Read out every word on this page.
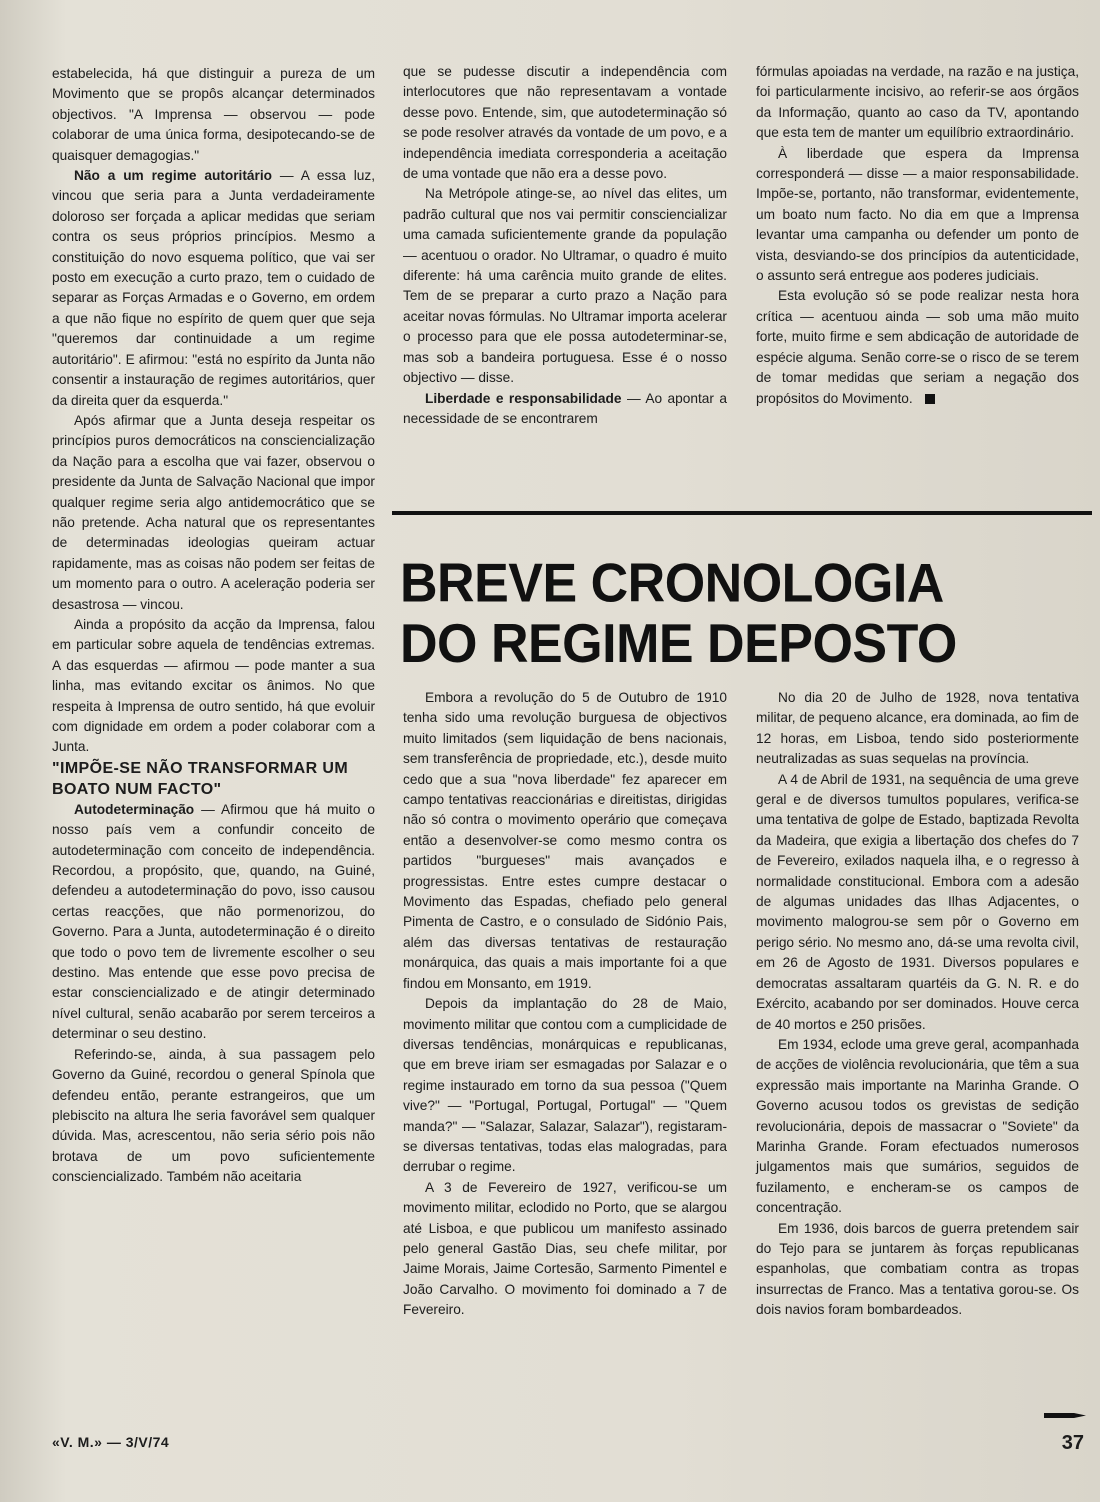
estabelecida, há que distinguir a pureza de um Movimento que se propôs alcançar determinados objectivos. "A Imprensa — observou — pode colaborar de uma única forma, desipotecando-se de quaisquer demagogias."

Não a um regime autoritário — A essa luz, vincou que seria para a Junta verdadeiramente doloroso ser forçada a aplicar medidas que seriam contra os seus próprios princípios. Mesmo a constituição do novo esquema político, que vai ser posto em execução a curto prazo, tem o cuidado de separar as Forças Armadas e o Governo, em ordem a que não fique no espírito de quem quer que seja "queremos dar continuidade a um regime autoritário". E afirmou: "está no espírito da Junta não consentir a instauração de regimes autoritários, quer da direita quer da esquerda."

Após afirmar que a Junta deseja respeitar os princípios puros democráticos na consciencialização da Nação para a escolha que vai fazer, observou o presidente da Junta de Salvação Nacional que impor qualquer regime seria algo antidemocrático que se não pretende. Acha natural que os representantes de determinadas ideologias queiram actuar rapidamente, mas as coisas não podem ser feitas de um momento para o outro. A aceleração poderia ser desastrosa — vincou.

Ainda a propósito da acção da Imprensa, falou em particular sobre aquela de tendências extremas. A das esquerdas — afirmou — pode manter a sua linha, mas evitando excitar os ânimos. No que respeita à Imprensa de outro sentido, há que evoluir com dignidade em ordem a poder colaborar com a Junta.

"IMPÕE-SE NÃO TRANSFORMAR UM BOATO NUM FACTO"

Autodeterminação — Afirmou que há muito o nosso país vem a confundir conceito de autodeterminação com conceito de independência. Recordou, a propósito, que, quando, na Guiné, defendeu a autodeterminação do povo, isso causou certas reacções, que não pormenorizou, do Governo. Para a Junta, autodeterminação é o direito que todo o povo tem de livremente escolher o seu destino. Mas entende que esse povo precisa de estar consciencializado e de atingir determinado nível cultural, senão acabarão por serem terceiros a determinar o seu destino.

Referindo-se, ainda, à sua passagem pelo Governo da Guiné, recordou o general Spínola que defendeu então, perante estrangeiros, que um plebiscito na altura lhe seria favorável sem qualquer dúvida. Mas, acrescentou, não seria sério pois não brotava de um povo suficientemente consciencializado. Também não aceitaria

que se pudesse discutir a independência com interlocutores que não representavam a vontade desse povo. Entende, sim, que autodeterminação só se pode resolver através da vontade de um povo, e a independência imediata corresponderia a aceitação de uma vontade que não era a desse povo.

Na Metrópole atinge-se, ao nível das elites, um padrão cultural que nos vai permitir consciencializar uma camada suficientemente grande da população — acentuou o orador. No Ultramar, o quadro é muito diferente: há uma carência muito grande de elites. Tem de se preparar a curto prazo a Nação para aceitar novas fórmulas. No Ultramar importa acelerar o processo para que ele possa autodeterminar-se, mas sob a bandeira portuguesa. Esse é o nosso objectivo — disse.

Liberdade e responsabilidade — Ao apontar a necessidade de se encontrarem

fórmulas apoiadas na verdade, na razão e na justiça, foi particularmente incisivo, ao referir-se aos órgãos da Informação, quanto ao caso da TV, apontando que esta tem de manter um equilíbrio extraordinário.

À liberdade que espera da Imprensa corresponderá — disse — a maior responsabilidade. Impõe-se, portanto, não transformar, evidentemente, um boato num facto. No dia em que a Imprensa levantar uma campanha ou defender um ponto de vista, desviando-se dos princípios da autenticidade, o assunto será entregue aos poderes judiciais.

Esta evolução só se pode realizar nesta hora crítica — acentuou ainda — sob uma mão muito forte, muito firme e sem abdicação de autoridade de espécie alguma. Senão corre-se o risco de se terem de tomar medidas que seriam a negação dos propósitos do Movimento.

BREVE CRONOLOGIA
DO REGIME DEPOSTO

Embora a revolução do 5 de Outubro de 1910 tenha sido uma revolução burguesa de objectivos muito limitados (sem liquidação de bens nacionais, sem transferência de propriedade, etc.), desde muito cedo que a sua "nova liberdade" fez aparecer em campo tentativas reaccionárias e direitistas, dirigidas não só contra o movimento operário que começava então a desenvolver-se como mesmo contra os partidos "burgueses" mais avançados e progressistas. Entre estes cumpre destacar o Movimento das Espadas, chefiado pelo general Pimenta de Castro, e o consulado de Sidónio Pais, além das diversas tentativas de restauração monárquica, das quais a mais importante foi a que findou em Monsanto, em 1919.

Depois da implantação do 28 de Maio, movimento militar que contou com a cumplicidade de diversas tendências, monárquicas e republicanas, que em breve iriam ser esmagadas por Salazar e o regime instaurado em torno da sua pessoa ("Quem vive?" — "Portugal, Portugal, Portugal" — "Quem manda?" — "Salazar, Salazar, Salazar"), registaram-se diversas tentativas, todas elas malogradas, para derrubar o regime.

A 3 de Fevereiro de 1927, verificou-se um movimento militar, eclodido no Porto, que se alargou até Lisboa, e que publicou um manifesto assinado pelo general Gastão Dias, seu chefe militar, por Jaime Morais, Jaime Cortesão, Sarmento Pimentel e João Carvalho. O movimento foi dominado a 7 de Fevereiro.

No dia 20 de Julho de 1928, nova tentativa militar, de pequeno alcance, era dominada, ao fim de 12 horas, em Lisboa, tendo sido posteriormente neutralizadas as suas sequelas na província.

A 4 de Abril de 1931, na sequência de uma greve geral e de diversos tumultos populares, verifica-se uma tentativa de golpe de Estado, baptizada Revolta da Madeira, que exigia a libertação dos chefes do 7 de Fevereiro, exilados naquela ilha, e o regresso à normalidade constitucional. Embora com a adesão de algumas unidades das Ilhas Adjacentes, o movimento malogrou-se sem pôr o Governo em perigo sério. No mesmo ano, dá-se uma revolta civil, em 26 de Agosto de 1931. Diversos populares e democratas assaltaram quartéis da G. N. R. e do Exército, acabando por ser dominados. Houve cerca de 40 mortos e 250 prisões.

Em 1934, eclode uma greve geral, acompanhada de acções de violência revolucionária, que têm a sua expressão mais importante na Marinha Grande. O Governo acusou todos os grevistas de sedição revolucionária, depois de massacrar o "Soviete" da Marinha Grande. Foram efectuados numerosos julgamentos mais que sumários, seguidos de fuzilamento, e encheram-se os campos de concentração.

Em 1936, dois barcos de guerra pretendem sair do Tejo para se juntarem às forças republicanas espanholas, que combatiam contra as tropas insurrectas de Franco. Mas a tentativa gorou-se. Os dois navios foram bombardeados.

«V. M.» — 3/V/74	37
